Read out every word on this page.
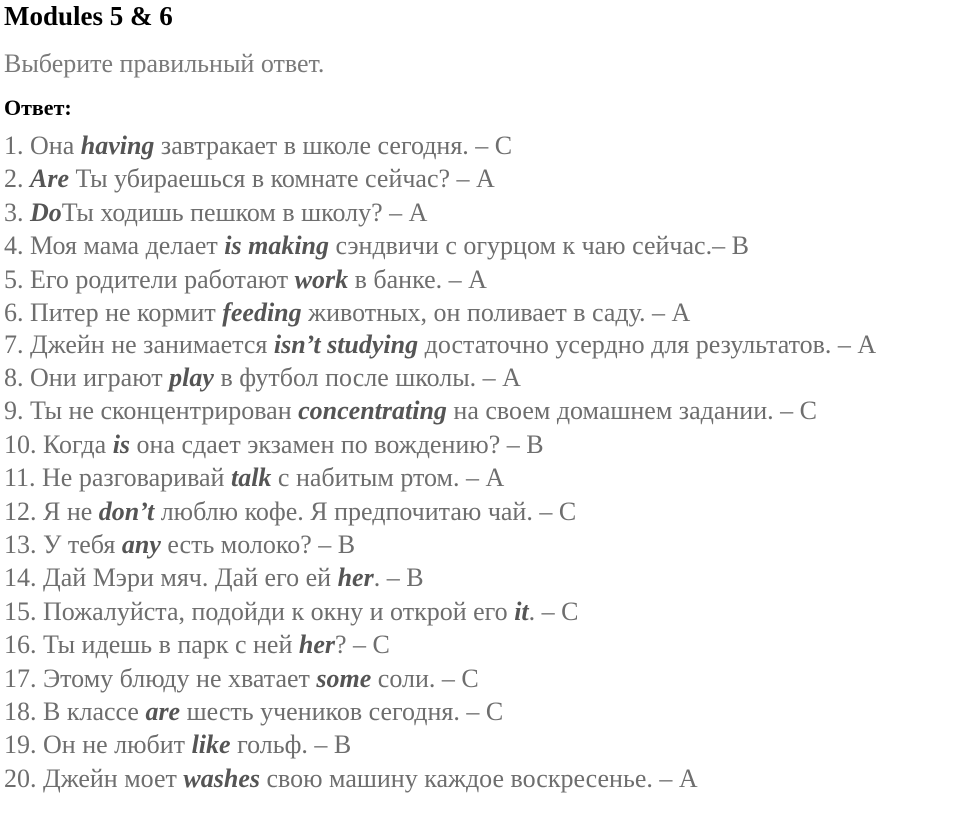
Modules 5 & 6
Выберите правильный ответ.
Ответ:
1. Она having завтракает в школе сегодня. – С
2. Are Ты убираешься в комнате сейчас? – А
3. DoТы ходишь пешком в школу? – А
4. Моя мама делает is making сэндвичи с огурцом к чаю сейчас.– В
5. Его родители работают work в банке. – А
6. Питер не кормит feeding животных, он поливает в саду. – А
7. Джейн не занимается isn’t studying достаточно усердно для результатов. – А
8. Они играют play в футбол после школы. – А
9. Ты не сконцентрирован concentrating на своем домашнем задании. – С
10. Когда is она сдает экзамен по вождению? – В
11. Не разговаривай talk с набитым ртом. – А
12. Я не don’t люблю кофе. Я предпочитаю чай. – С
13. У тебя any есть молоко? – В
14. Дай Мэри мяч. Дай его ей her. – В
15. Пожалуйста, подойди к окну и открой его it. – С
16. Ты идешь в парк с ней her? – С
17. Этому блюду не хватает some соли. – С
18. В классе are шесть учеников сегодня. – С
19. Он не любит like гольф. – В
20. Джейн моет washes свою машину каждое воскресенье. – А
